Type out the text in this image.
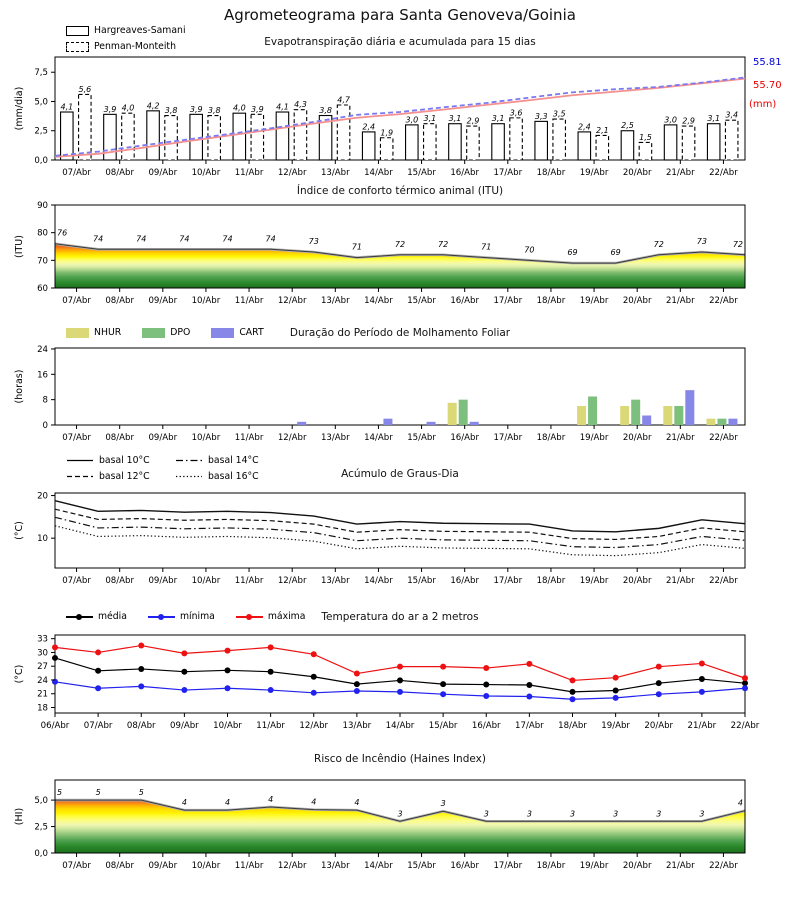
Agrometeograma para Santa Genoveva/Goinia
Hargreaves-Samani
Penman-Monteith	Evapotranspiração diária e acumulada para 15 dias
4,1
5,6
3,9 4,0 4,2
3,8 3,9 3,8 4,0 3,9 4,1 4,3
3,8
4,7
2,4
1,9
3,0 3,1 3,1 2,9 3,1
3,6 3,3 3,5
2,4 2,1
2,5
1,5
3,0 2,9 3,1 3,4
0,0
2,5
5,0
7,5
07/Abr 08/Abr 09/Abr 10/Abr 11/Abr 12/Abr 13/Abr 14/Abr 15/Abr 16/Abr 17/Abr 18/Abr 19/Abr 20/Abr 21/Abr 22/Abr
(mm/dia)
55.81
55.70
(mm)
Índice de conforto térmico animal (ITU)
60
70
80
90
07/Abr 08/Abr 09/Abr 10/Abr 11/Abr 12/Abr 13/Abr 14/Abr 15/Abr 16/Abr 17/Abr 18/Abr 19/Abr 20/Abr 21/Abr 22/Abr
(ITU)
76
74	74	74	74	74	73
71	72	72	71	70	69	69
72	73	72
NHUR	DPO	CART	Duração do Período de Molhamento Foliar
0
8
16
24
07/Abr 08/Abr 09/Abr 10/Abr 11/Abr 12/Abr 13/Abr 14/Abr 15/Abr 16/Abr 17/Abr 18/Abr 19/Abr 20/Abr 21/Abr 22/Abr
(horas)
basal 10°C	basal 14°C
basal 12°C	basal 16°C	Acúmulo de Graus-Dia
10
20
07/Abr 08/Abr 09/Abr 10/Abr 11/Abr 12/Abr 13/Abr 14/Abr 15/Abr 16/Abr 17/Abr 18/Abr 19/Abr 20/Abr 21/Abr 22/Abr
(°C)
média	mínima	máxima	Temperatura do ar a 2 metros
18
21
24
27
30
33
06/Abr 07/Abr 08/Abr 09/Abr 10/Abr 11/Abr 12/Abr 13/Abr 14/Abr 15/Abr 16/Abr 17/Abr 18/Abr 19/Abr 20/Abr 21/Abr 22/Abr
(°C)
Risco de Incêndio (Haines Index)
0,0
2,5
5,0
07/Abr 08/Abr 09/Abr 10/Abr 11/Abr 12/Abr 13/Abr 14/Abr 15/Abr 16/Abr 17/Abr 18/Abr 19/Abr 20/Abr 21/Abr 22/Abr
(HI)
5	5	5
4	4	4	4	4
3
3
3	3	3	3	3	3
4
